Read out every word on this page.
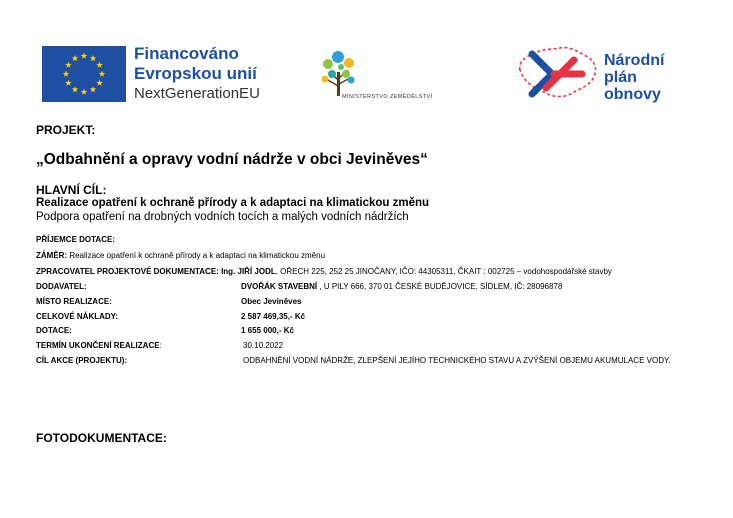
Financováno
Evropskou unií
NextGenerationEU	MINISTERSTVO ZEMĚDĚLSTVÍ
Národní
plán
obnovy
PROJEKT:
„Odbahnění a opravy vodní nádrže v obci Jeviněves“
HLAVNÍ CÍL:
Realizace opatření k ochraně přírody a k adaptaci na klimatickou změnu
Podpora opatření na drobných vodních tocích a malých vodních nádržích
PŘÍJEMCE DOTACE:
ZÁMĚR: Realizace opatření k ochraně přírody a k adaptaci na klimatickou změnu
ZPRACOVATEL PROJEKTOVÉ DOKUMENTACE: Ing. JIŘÍ JODL, OŘECH 225, 252 25 JINOČANY, IČO: 44305311, ČKAIT : 002725 – vodohospodářské stavby
DODAVATEL:	DVOŘÁK STAVEBNÍ , U PILY 666, 370 01 ČESKÉ BUDĚJOVICE, SÍDLEM, IČ: 28096878
MÍSTO REALIZACE:	Obec Jeviněves
CELKOVÉ NÁKLADY:	2 587 469,35,- Kč
DOTACE:	1 655 000,- Kč
TERMÍN UKONČENÍ REALIZACE:	30.10.2022
CÍL AKCE (PROJEKTU):	ODBAHNĚNÍ VODNÍ NÁDRŽE, ZLEPŠENÍ JEJÍHO TECHNICKÉHO STAVU A ZVÝŠENÍ OBJEMU AKUMULACE VODY.
FOTODOKUMENTACE:
